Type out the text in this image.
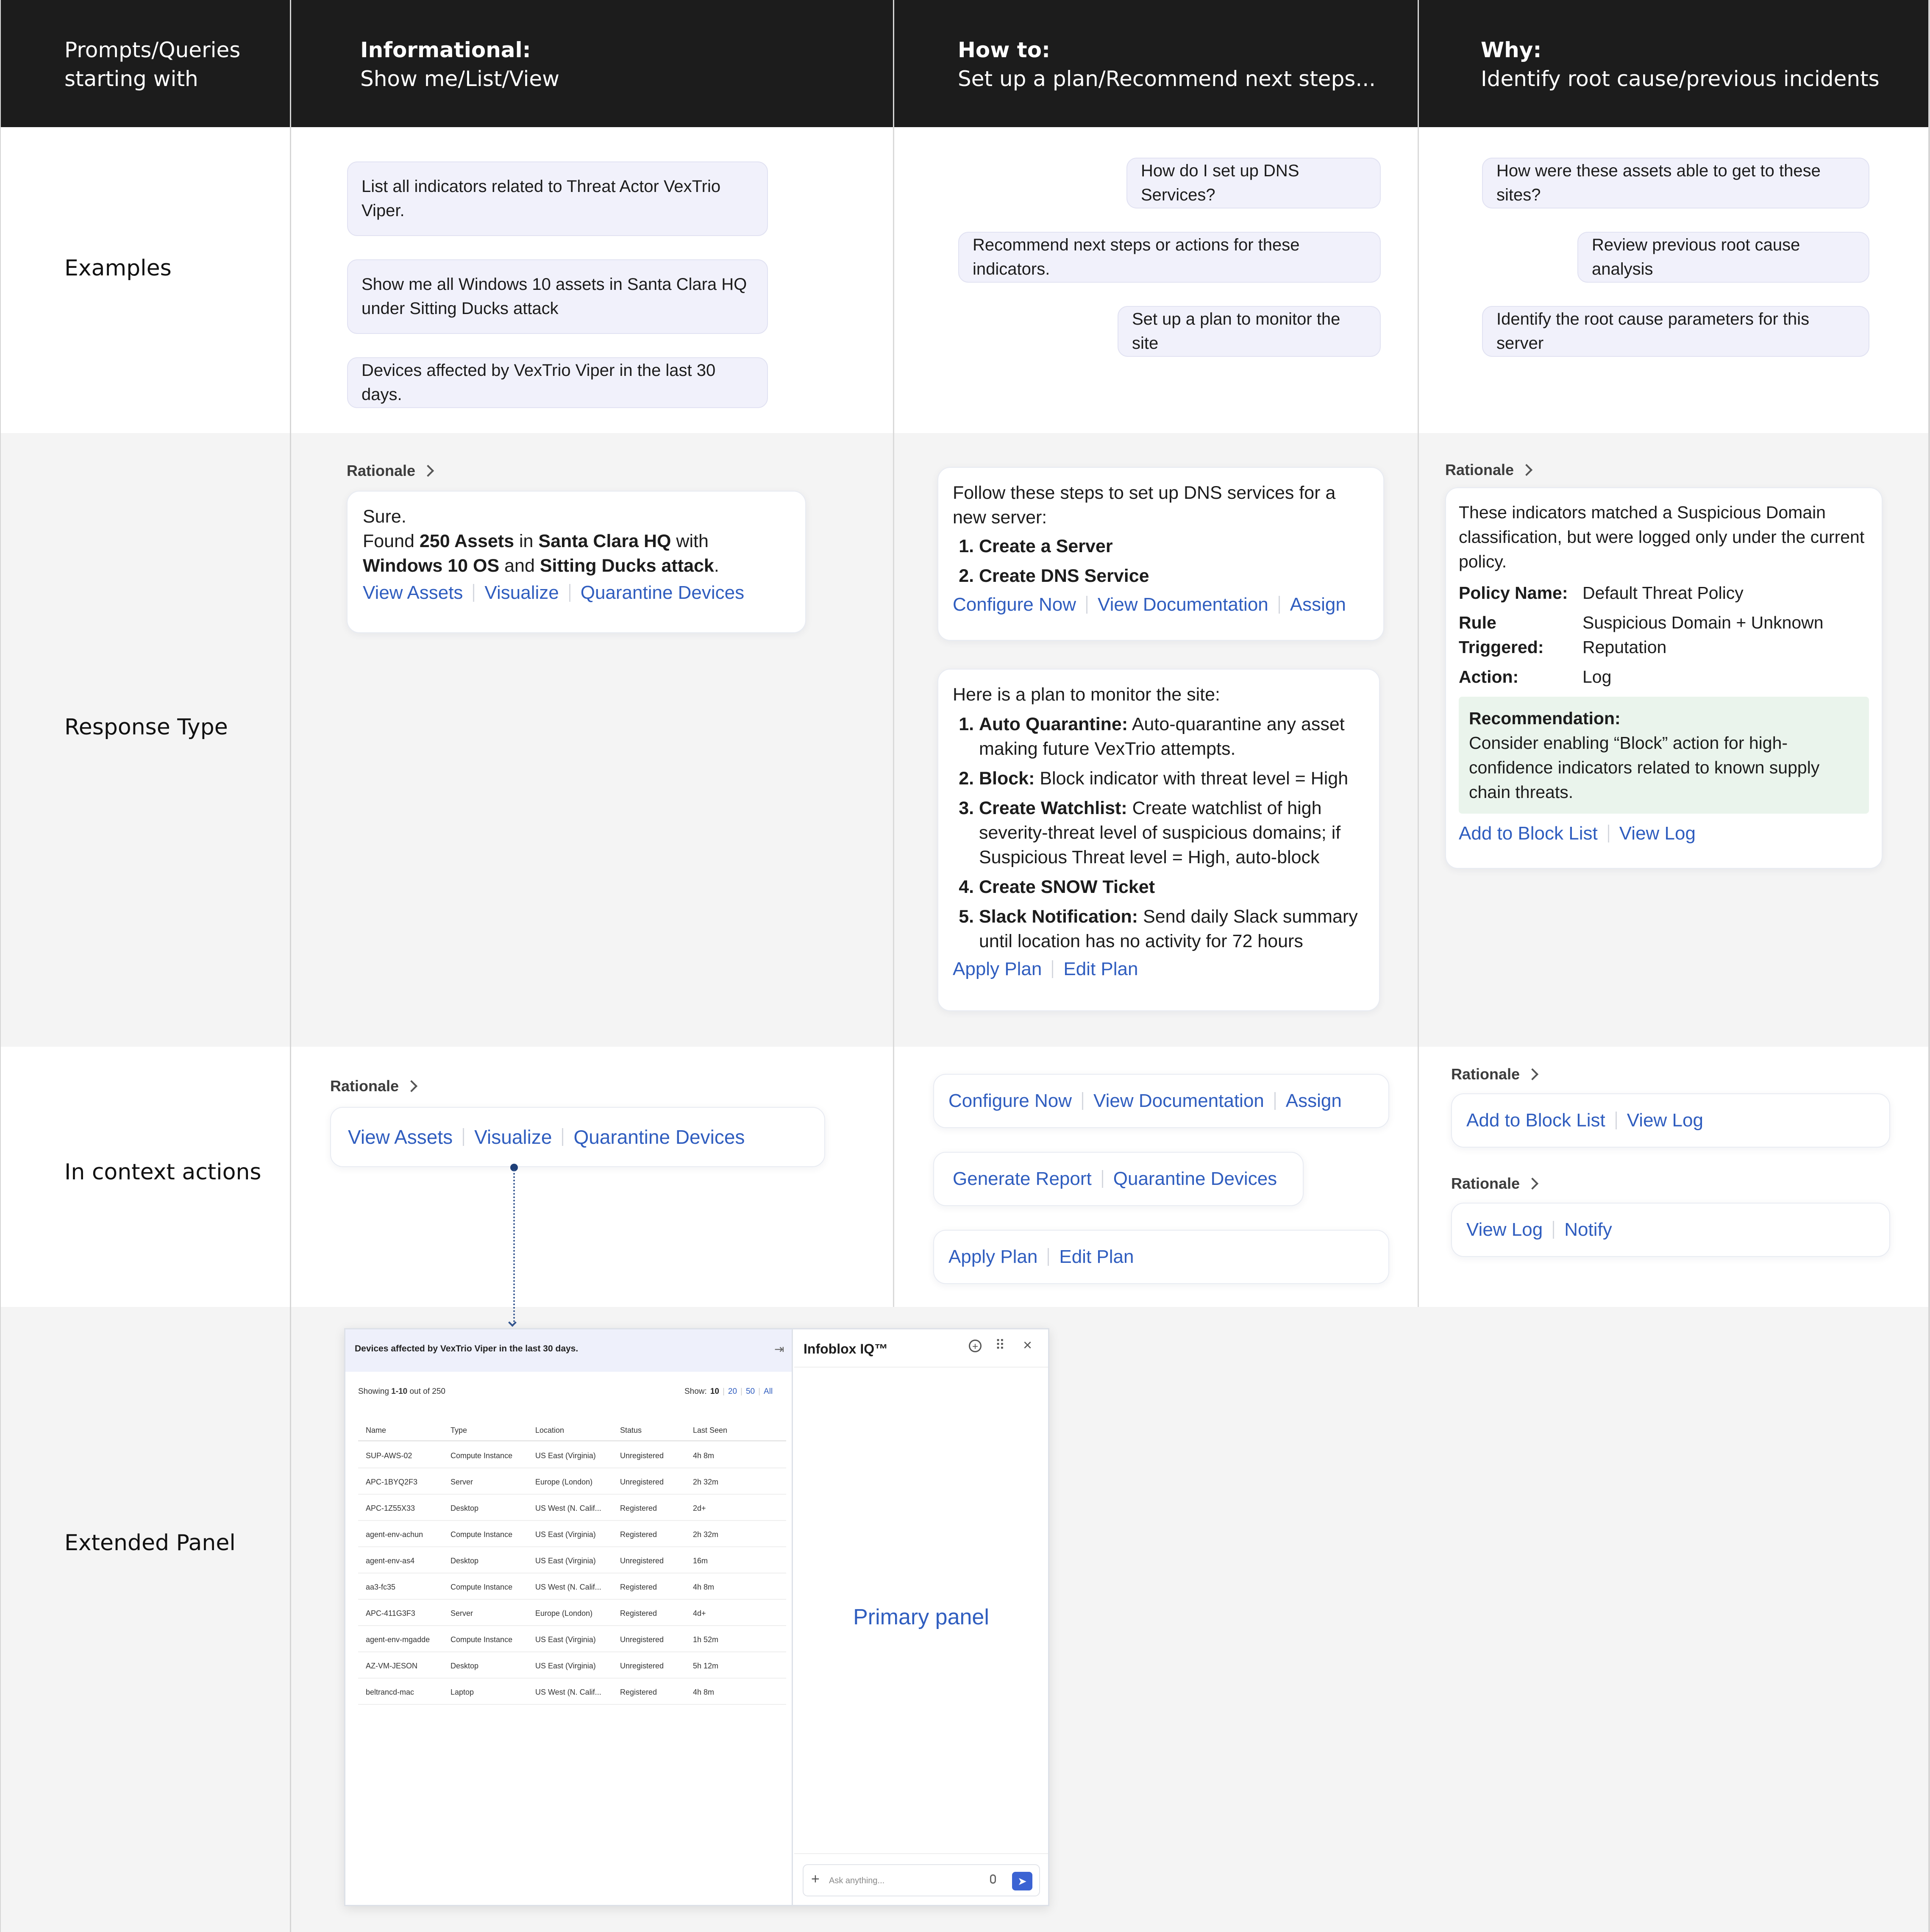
Prompts/Queries
starting with
Informational:
Show me/List/View
How to:
Set up a plan/Recommend next steps...
Why:
Identify root cause/previous incidents
Examples
Response Type
In context actions
Extended Panel
List all indicators related to Threat Actor VexTrio Viper.
Show me all Windows 10 assets in Santa Clara HQ under Sitting Ducks attack
Devices affected by VexTrio Viper in the last 30 days.
How do I set up DNS Services?
Recommend next steps or actions for these indicators.
Set up a plan to monitor the site
How were these assets able to get to these sites?
Review previous root cause analysis
Identify the root cause parameters for this server
Rationale
Sure.
Found 250 Assets in Santa Clara HQ with Windows 10 OS and Sitting Ducks attack.
View Assets Visualize Quarantine Devices
Follow these steps to set up DNS services for a new server:
1. Create a Server
2. Create DNS Service
Configure Now View Documentation Assign
Here is a plan to monitor the site:
1. Auto Quarantine: Auto-quarantine any asset making future VexTrio attempts.
2. Block: Block indicator with threat level = High
3. Create Watchlist: Create watchlist of high severity-threat level of suspicious domains; if Suspicious Threat level = High, auto-block
4. Create SNOW Ticket
5. Slack Notification: Send daily Slack summary until location has no activity for 72 hours
Apply Plan Edit Plan
Rationale
These indicators matched a Suspicious Domain classification, but were logged only under the current policy.
Policy Name: Default Threat Policy
Rule Triggered:
Suspicious Domain + Unknown Reputation
Action:	Log
Recommendation:
Consider enabling “Block” action for high-confidence indicators related to known supply chain threats.
Add to Block List View Log
Rationale
View Assets Visualize Quarantine Devices
Configure Now View Documentation Assign
Generate Report Quarantine Devices
Apply Plan Edit Plan
Rationale
Add to Block List View Log
Rationale
View Log Notify
Devices affected by VexTrio Viper in the last 30 days.	⇥
Showing 1-10 out of 250	Show: 10 | 20 | 50 | All
Name	Type	Location	Status	Last Seen
SUP-AWS-02	Compute Instance	US East (Virginia)	Unregistered	4h 8m
APC-1BYQ2F3	Server	Europe (London)	Unregistered	2h 32m
APC-1Z55X33	Desktop	US West (N. Calif... Registered	2d+
agent-env-achun	Compute Instance	US East (Virginia)	Registered	2h 32m
agent-env-as4	Desktop	US East (Virginia)	Unregistered	16m
aa3-fc35	Compute Instance	US West (N. Calif... Registered	4h 8m
APC-411G3F3	Server	Europe (London)	Registered	4d+
agent-env-mgadde	Compute Instance	US East (Virginia)	Unregistered	1h 52m
AZ-VM-JESON	Desktop	US East (Virginia)	Unregistered	5h 12m
beltrancd-mac	Laptop	US West (N. Calif... Registered	4h 8m
Infoblox IQ™	+ ⠿ ×
Primary panel
+ Ask anything...	➤
